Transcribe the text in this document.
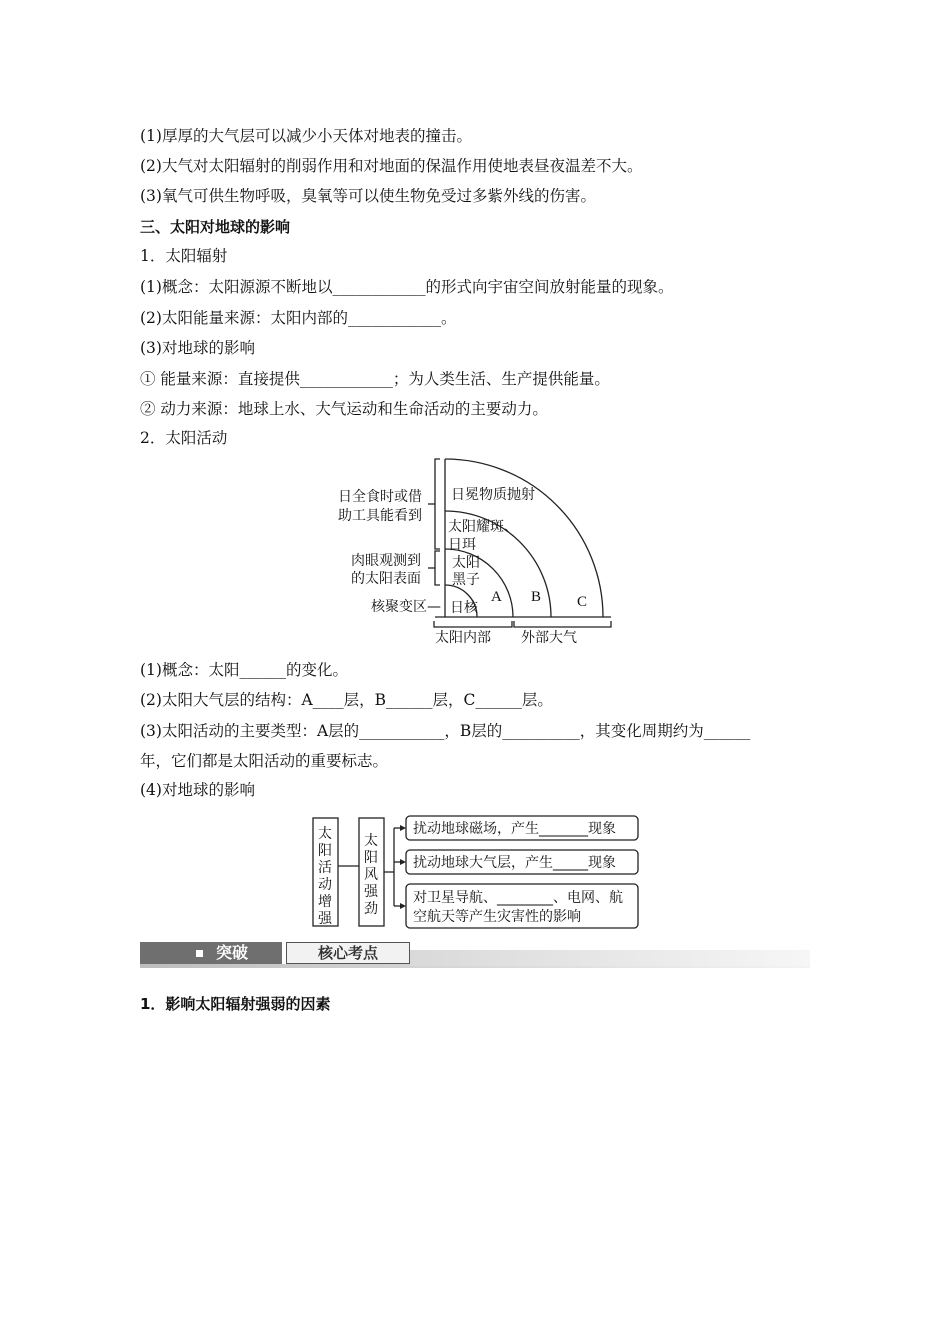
(1)厚厚的大气层可以减少小天体对地表的撞击。
(2)大气对太阳辐射的削弱作用和对地面的保温作用使地表昼夜温差不大。
(3)氧气可供生物呼吸，臭氧等可以使生物免受过多紫外线的伤害。
三、太阳对地球的影响
1．太阳辐射
(1)概念：太阳源源不断地以____________的形式向宇宙空间放射能量的现象。
(2)太阳能量来源：太阳内部的____________。
(3)对地球的影响
① 能量来源：直接提供____________；为人类生活、生产提供能量。
② 动力来源：地球上水、大气运动和生命活动的主要动力。
2．太阳活动
日全食时或借
助工具能看到
肉眼观测到
的太阳表面
核聚变区—
日冕物质抛射
太阳耀斑、
日珥
太阳
黑子
日核
A B C
太阳内部 外部大气
太
阳
活
动
增
强
太
阳
风
强
劲
扰动地球磁场，产生_______现象
扰动地球大气层，产生_____现象
对卫星导航、________、电网、航
空航天等产生灾害性的影响
(1)概念：太阳______的变化。
(2)太阳大气层的结构：A____层，B______层，C______层。
(3)太阳活动的主要类型：A层的___________，B层的__________，其变化周期约为______
年，它们都是太阳活动的重要标志。
(4)对地球的影响
突破	核心考点
1．影响太阳辐射强弱的因素
